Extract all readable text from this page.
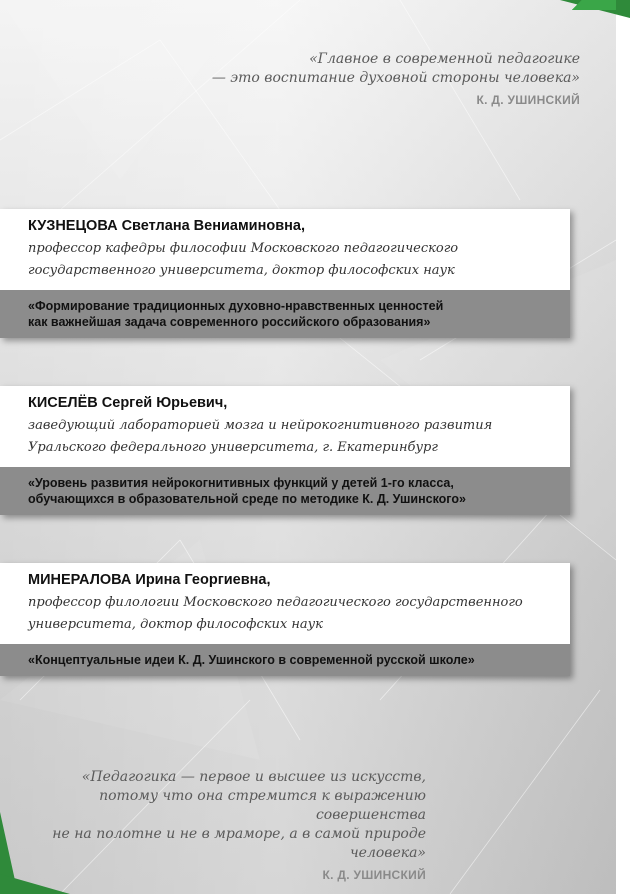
«Главное в современной педагогике
— это воспитание духовной стороны человека»
К. Д. УШИНСКИЙ
КУЗНЕЦОВА Светлана Вениаминовна,
профессор кафедры философии Московского педагогического
государственного университета, доктор философских наук
«Формирование традиционных духовно-нравственных ценностей
как важнейшая задача современного российского образования»
КИСЕЛЁВ Сергей Юрьевич,
заведующий лабораторией мозга и нейрокогнитивного развития
Уральского федерального университета, г. Екатеринбург
«Уровень развития нейрокогнитивных функций у детей 1-го класса,
обучающихся в образовательной среде по методике К. Д. Ушинского»
МИНЕРАЛОВА Ирина Георгиевна,
профессор филологии Московского педагогического государственного
университета, доктор философских наук
«Концептуальные идеи К. Д. Ушинского в современной русской школе»
«Педагогика — первое и высшее из искусств,
потому что она стремится к выражению совершенства
не на полотне и не в мраморе, а в самой природе человека»
К. Д. УШИНСКИЙ
